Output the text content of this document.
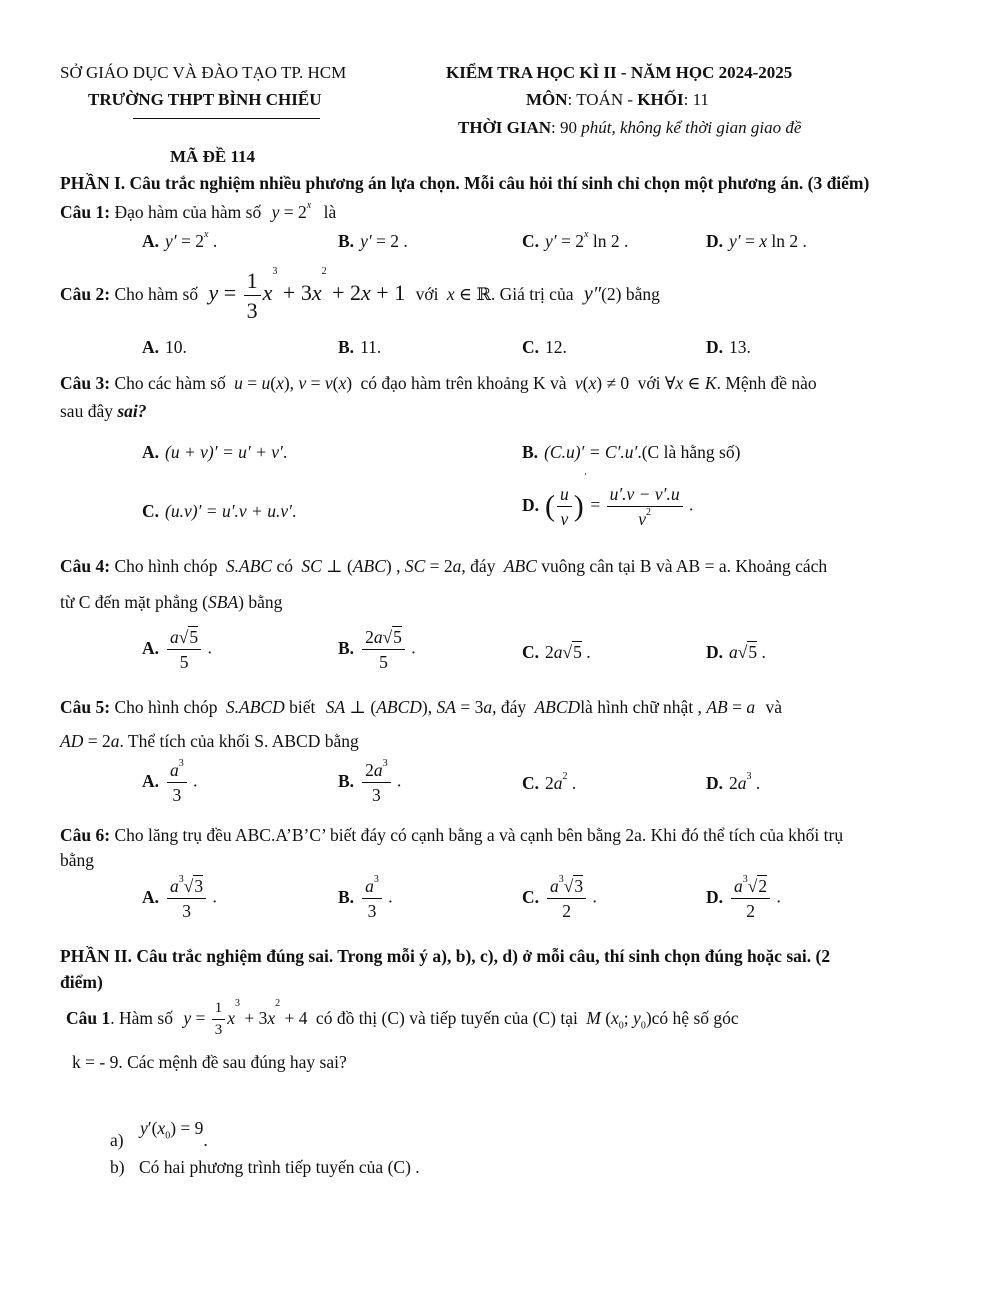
SỞ GIÁO DỤC VÀ ĐÀO TẠO TP. HCM
TRƯỜNG THPT BÌNH CHIỂU
KIỂM TRA HỌC KÌ II - NĂM HỌC 2024-2025
MÔN: TOÁN - KHỐI: 11
THỜI GIAN: 90 phút, không kể thời gian giao đề
MÃ ĐỀ 114
PHẦN I. Câu trắc nghiệm nhiều phương án lựa chọn. Mỗi câu hỏi thí sinh chỉ chọn một phương án. (3 điểm)
Câu 1: Đạo hàm của hàm số $y = 2^x$ là
A. $y' = 2^x$ .	B. y′ = 2 .	C. $y' = 2^x$ ln 2 .	D. y′ = x ln 2 .
Câu 2: Cho hàm số $y = \frac{1}{3} x^3 + 3x^2 + 2x + 1$ với x ∈ ℝ. Giá trị của y″(2) bằng
A. 10.	B. 11.	C. 12.	D. 13.
Câu 3: Cho các hàm số u = u(x), v = v(x) có đạo hàm trên khoảng K và v(x) ≠ 0 với ∀x ∈ K. Mệnh đề nào
sau đây sai?
A. (u + v)′ = u′ + v′.	B. (C.u)′ = C′.u′.(C là hằng số)
C. (u.v)′ = u′.v + u.v′.	D. ( $\frac{u}{v} )' = \frac{u'.v - v'.u}{v^2}$ .
Câu 4: Cho hình chóp S.ABC có SC ⊥ (ABC) , SC = 2a, đáy ABC vuông cân tại B và AB = a. Khoảng cách
từ C đến mặt phẳng (SBA) bằng
A. $\frac{a√5}{5}$ .	B. $\frac{2a√5}{5}$ .	C. 2a√5 .	D. a√5 .
Câu 5: Cho hình chóp S.ABCD biết SA ⊥ (ABCD), SA = 3a, đáy ABCDlà hình chữ nhật , AB = a và
AD = 2a. Thể tích của khối S. ABCD bằng
A. $\frac{a^3}{3}$ .	B. $\frac{2a^3}{3}$ .	C. $2a^2$ .	D. $2a^3$ .
Câu 6: Cho lăng trụ đều ABC.A’B’C’ biết đáy có cạnh bằng a và cạnh bên bằng 2a. Khi đó thể tích của khối trụ
bằng
A. $\frac{a^3√3}{3}$ .	B. $\frac{a^3}{3}$ .	C. $\frac{a^3√3}{2}$ .	D. $\frac{a^3√2}{2}$ .
PHẦN II. Câu trắc nghiệm đúng sai. Trong mỗi ý a), b), c), d) ở mỗi câu, thí sinh chọn đúng hoặc sai. (2
điểm)
Câu 1. Hàm số $y = \frac{1}{3} x^3 + 3x^2 + 4$ có đồ thị (C) và tiếp tuyến của (C) tại M ($x_0$; $y_0)có$ hệ số góc
k = - 9. Các mệnh đề sau đúng hay sai?
a) $y'(x_0) = 9$.
b) Có hai phương trình tiếp tuyến của (C) .
